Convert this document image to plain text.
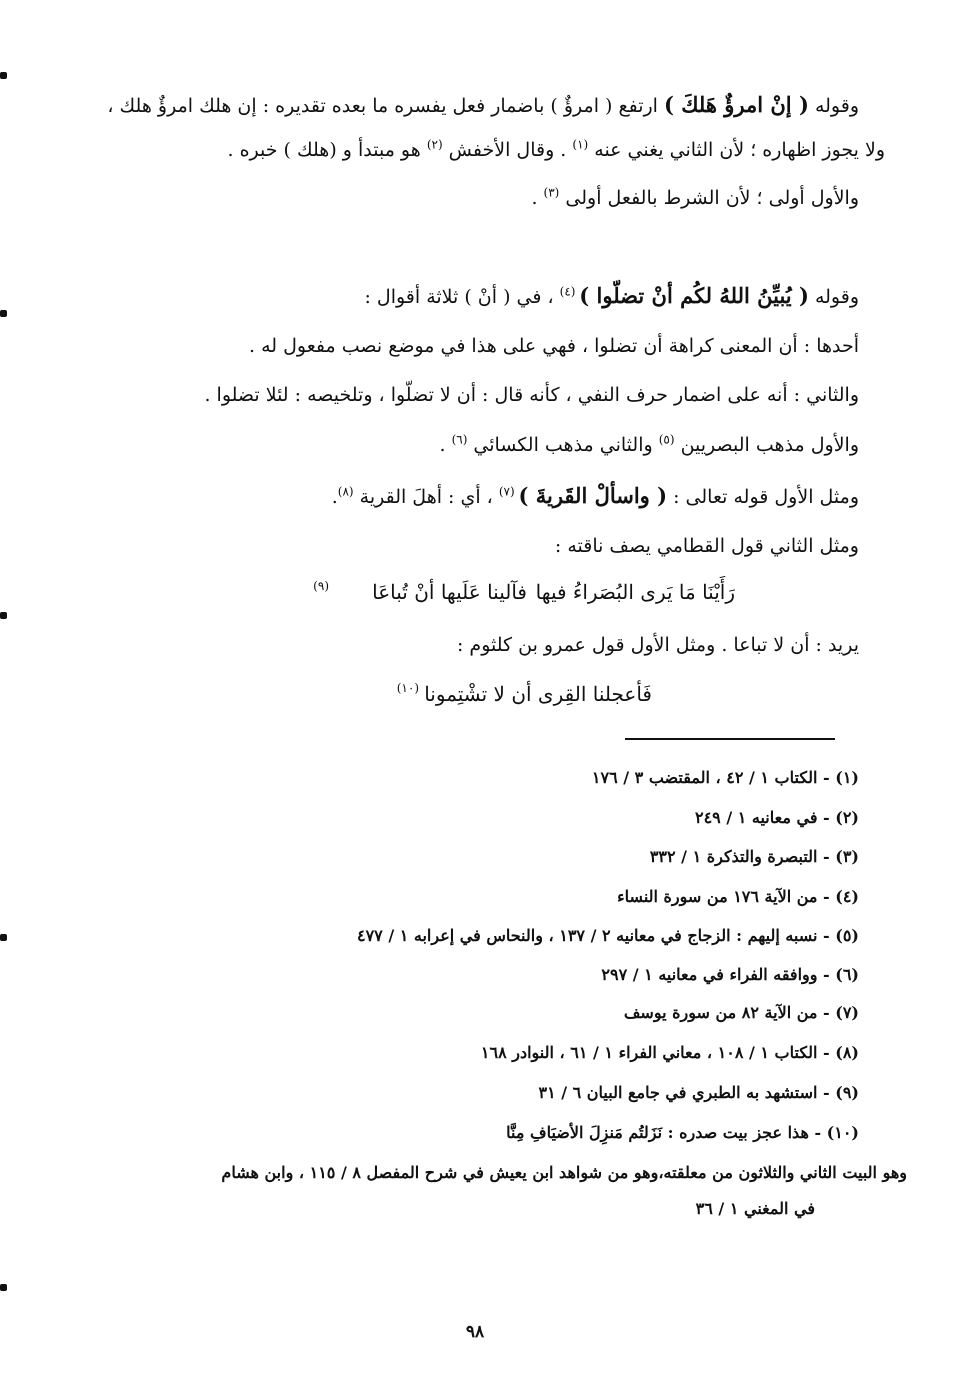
وقوله ( إنْ امرؤٌ هَلكَ ) ارتفع ( امرؤٌ ) باضمار فعل يفسره ما بعده تقديره : إن هلك امرؤٌ هلك ،
ولا يجوز اظهاره ؛ لأن الثاني يغني عنه $^{(١)}$ . وقال الأخفش $^{(٢)}$ هو مبتدأ و (هلك ) خبره .
والأول أولى ؛ لأن الشرط بالفعل أولى $^{(٣)}$ .
وقوله ( يُبيِّنُ اللهُ لكُم أنْ تضلّوا ) $^{(٤)}$ ، في ( أنْ ) ثلاثة أقوال :
أحدها : أن المعنى كراهة أن تضلوا ، فهي على هذا في موضع نصب مفعول له .
والثاني : أنه على اضمار حرف النفي ، كأنه قال : أن لا تضلّوا ، وتلخيصه : لئلا تضلوا .
والأول مذهب البصريين $^{(٥)}$ والثاني مذهب الكسائي $^{(٦)}$ .
ومثل الأول قوله تعالى : ( واسألْ القَريةَ ) $^{(٧)}$ ، أي : أهلَ القرية $^{(٨)}$.
ومثل الثاني قول القطامي يصف ناقته :
رَأَيْنَا مَا يَرى البُصَراءُ فيها
فآلينا عَلَيها أنْ تُباعَا
(٩)
يريد : أن لا تباعا . ومثل الأول قول عمرو بن كلثوم :
فَأعجلنا القِرى أن لا تشْتِمونا
(١٠)
(١) - الكتاب ١ / ٤٢ ، المقتضب ٣ / ١٧٦
(٢) - في معانيه ١ / ٢٤٩
(٣) - التبصرة والتذكرة ١ / ٣٣٢
(٤) - من الآية ١٧٦ من سورة النساء
(٥) - نسبه إليهم : الزجاج في معانيه ٢ / ١٣٧ ، والنحاس في إعرابه ١ / ٤٧٧
(٦) - ووافقه الفراء في معانيه ١ / ٢٩٧
(٧) - من الآية ٨٢ من سورة يوسف
(٨) - الكتاب ١ / ١٠٨ ، معاني الفراء ١ / ٦١ ، النوادر ١٦٨
(٩) - استشهد به الطبري في جامع البيان ٦ / ٣١
(١٠) - هذا عجز بيت صدره : نَزَلتُم مَنزِلَ الأضيَافِ مِنَّا
وهو البيت الثاني والثلاثون من معلقته،وهو من شواهد ابن يعيش في شرح المفصل ٨ / ١١٥ ، وابن هشام
في المغني ١ / ٣٦
٩٨
